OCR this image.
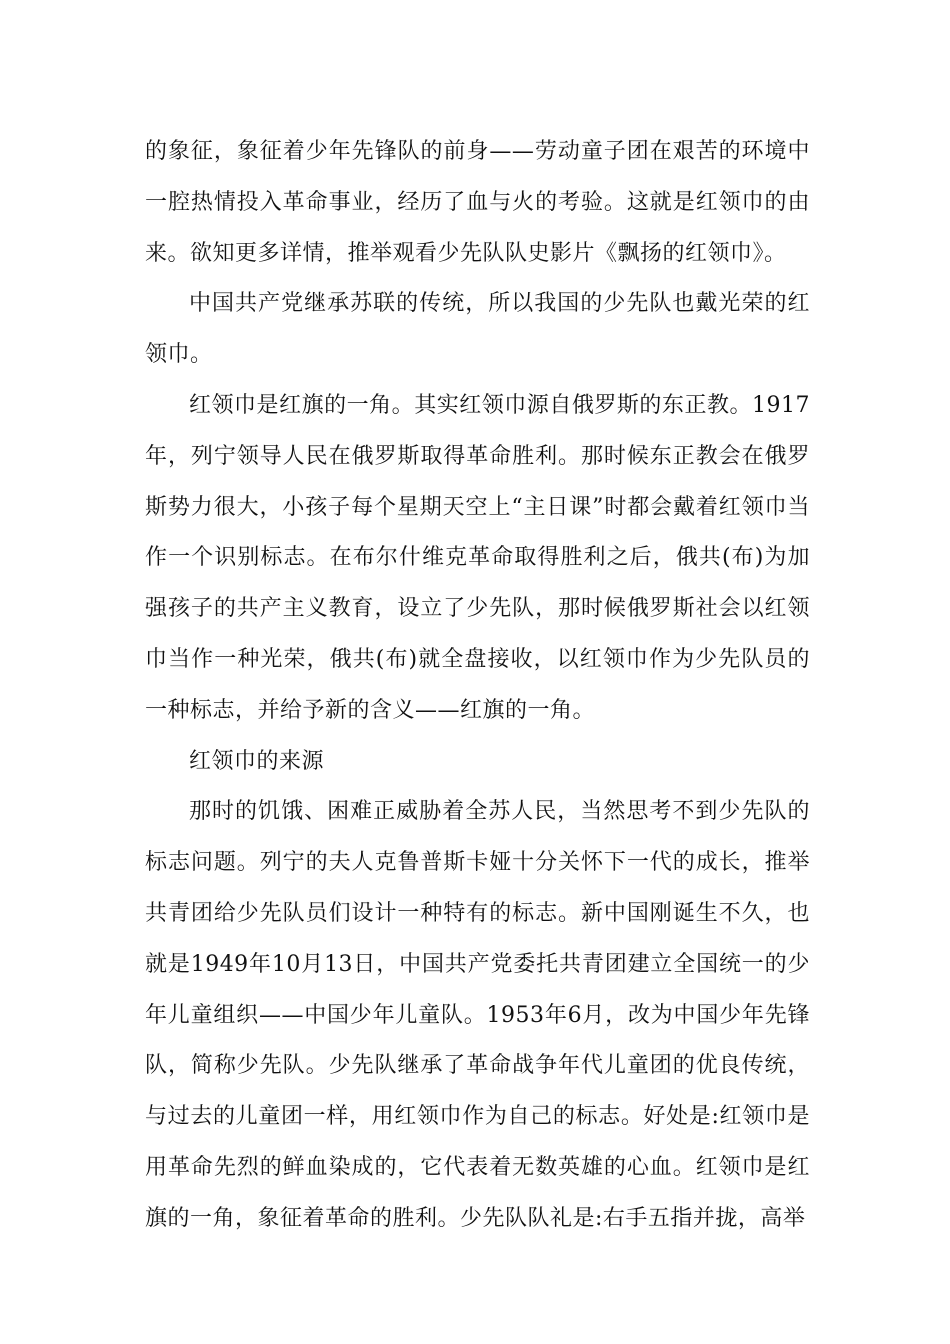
的象征，象征着少年先锋队的前身——劳动童子团在艰苦的环境中一腔热情投入革命事业，经历了血与火的考验。这就是红领巾的由来。欲知更多详情，推举观看少先队队史影片《飘扬的红领巾》。

中国共产党继承苏联的传统，所以我国的少先队也戴光荣的红领巾。

红领巾是红旗的一角。其实红领巾源自俄罗斯的东正教。1917年，列宁领导人民在俄罗斯取得革命胜利。那时候东正教会在俄罗斯势力很大，小孩子每个星期天空上“主日课”时都会戴着红领巾当作一个识别标志。在布尔什维克革命取得胜利之后，俄共(布)为加强孩子的共产主义教育，设立了少先队，那时候俄罗斯社会以红领巾当作一种光荣，俄共(布)就全盘接收，以红领巾作为少先队员的一种标志，并给予新的含义——红旗的一角。

红领巾的来源

那时的饥饿、困难正威胁着全苏人民，当然思考不到少先队的标志问题。列宁的夫人克鲁普斯卡娅十分关怀下一代的成长，推举共青团给少先队员们设计一种特有的标志。新中国刚诞生不久，也就是1949年10月13日，中国共产党委托共青团建立全国统一的少年儿童组织——中国少年儿童队。1953年6月，改为中国少年先锋队，简称少先队。少先队继承了革命战争年代儿童团的优良传统，与过去的儿童团一样，用红领巾作为自己的标志。好处是:红领巾是用革命先烈的鲜血染成的，它代表着无数英雄的心血。红领巾是红旗的一角，象征着革命的胜利。少先队队礼是:右手五指并拢，高举
